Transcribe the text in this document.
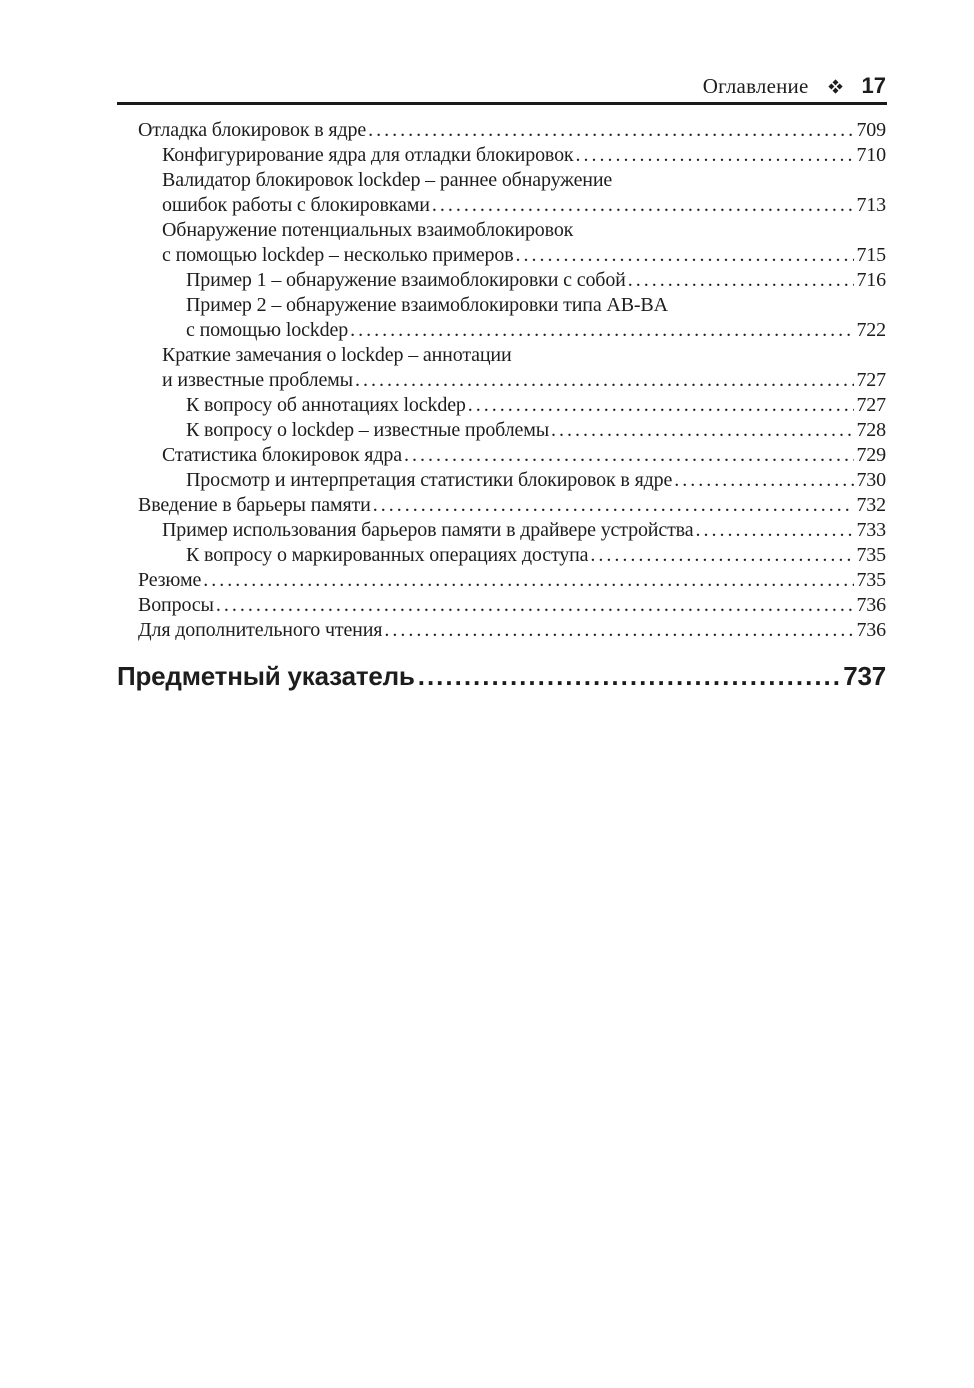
Оглавление 17
Отладка блокировок в ядре .....	709
Конфигурирование ядра для отладки блокировок .....	710
Валидатор блокировок lockdep – раннее обнаружение
ошибок работы с блокировками .....	713
Обнаружение потенциальных взаимоблокировок
с помощью lockdep – несколько примеров .....	715
Пример 1 – обнаружение взаимоблокировки с собой .....	716
Пример 2 – обнаружение взаимоблокировки типа AB-BA
с помощью lockdep .....	722
Краткие замечания о lockdep – аннотации
и известные проблемы .....	727
К вопросу об аннотациях lockdep .....	727
К вопросу о lockdep – известные проблемы .....	728
Статистика блокировок ядра .....	729
Просмотр и интерпретация статистики блокировок в ядре .....	730
Введение в барьеры памяти .....	732
Пример использования барьеров памяти в драйвере устройства .....	733
К вопросу о маркированных операциях доступа .....	735
Резюме .....	735
Вопросы .....	736
Для дополнительного чтения .....	736
Предметный указатель .....	737
